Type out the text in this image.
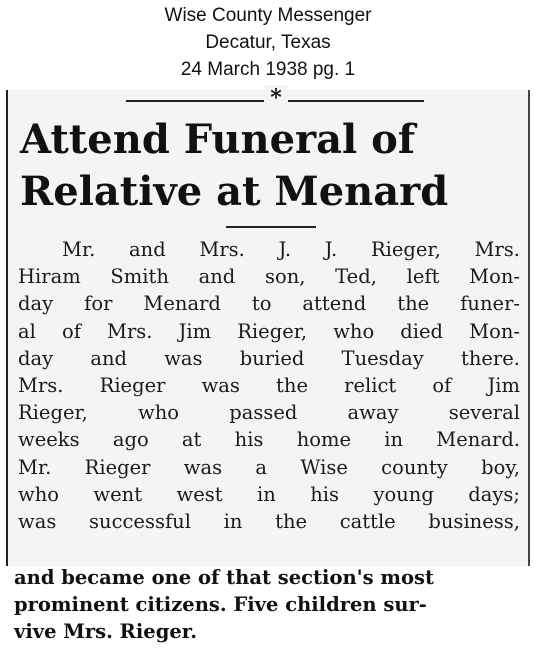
Wise County Messenger
Decatur, Texas
24 March 1938 pg. 1
*
Attend Funeral of
Relative at Menard
Mr. and Mrs. J. J. Rieger, Mrs.
Hiram Smith and son, Ted, left Mon-
day for Menard to attend the funer-
al of Mrs. Jim Rieger, who died Mon-
day and was buried Tuesday there.
Mrs. Rieger was the relict of Jim
Rieger, who passed away several
weeks ago at his home in Menard.
Mr. Rieger was a Wise county boy,
who went west in his young days;
was successful in the cattle business,
and became one of that section's most
prominent citizens. Five children sur-
vive Mrs. Rieger.
